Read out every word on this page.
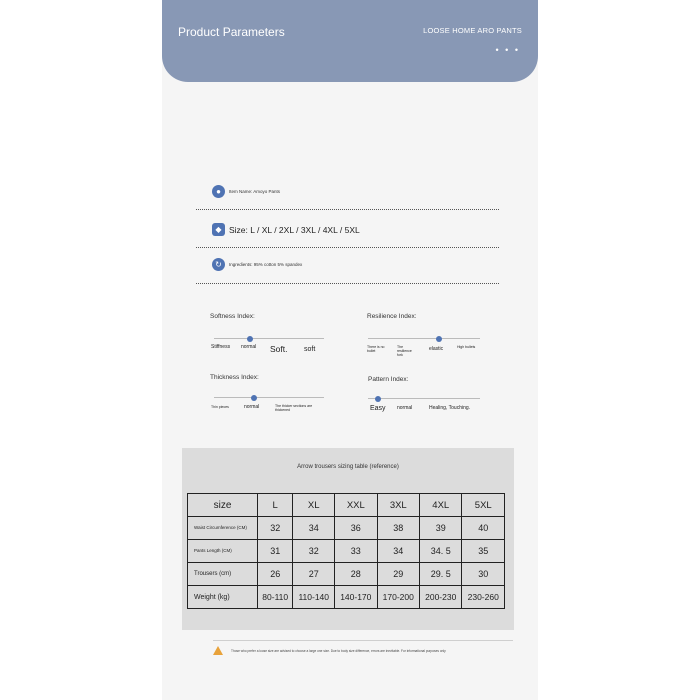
Product Parameters	LOOSE HOME ARO PANTS
• • •
●	Item Name: Amoyo Pants
◆ Size: L / XL / 2XL / 3XL / 4XL / 5XL
↻	Ingredients: 95% cotton 5% spandex
Softness Index:
Stiffness normal Soft. soft
Resilience Index:
There is no bullet
The resilience fork
elastic	High bullets
Thickness Index:
Thin pieces	normal	The thicker sections are thickened
Pattern Index:
Easy normal	Healing, Touching.
Arrow trousers sizing table (reference)
size	L	XL	XXL	3XL	4XL	5XL
Waist Circumference (CM)	32	34	36	38	39	40
Pants Length (CM)	31	32	33	34	34. 5	35
Trousers (cm)	26	27	28	29	29. 5	30
Weight (kg)	80-110	110-140	140-170	170-200	200-230	230-260
Those who prefer a loose size are advised to choose a large one size. Due to body size difference, errors are inevitable. For informational purposes only
